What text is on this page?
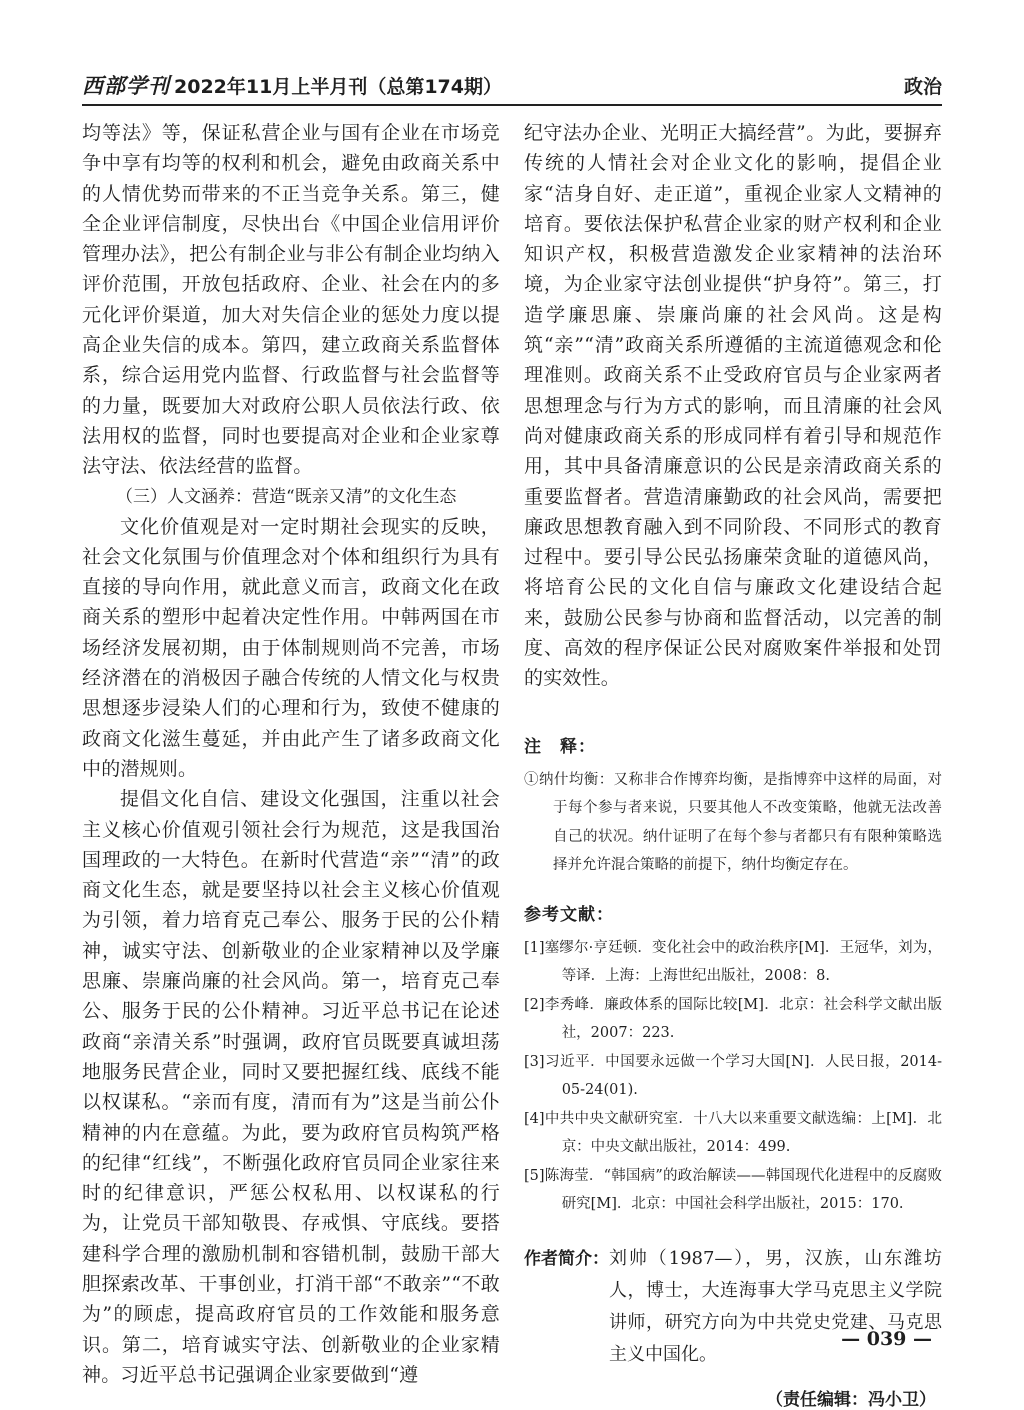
西部学刊 2022年11月上半月刊（总第174期）	政治

均等法》等，保证私营企业与国有企业在市场竞争中享有均等的权利和机会，避免由政商关系中的人情优势而带来的不正当竞争关系。第三，健全企业评信制度，尽快出台《中国企业信用评价管理办法》，把公有制企业与非公有制企业均纳入评价范围，开放包括政府、企业、社会在内的多元化评价渠道，加大对失信企业的惩处力度以提高企业失信的成本。第四，建立政商关系监督体系，综合运用党内监督、行政监督与社会监督等的力量，既要加大对政府公职人员依法行政、依法用权的监督，同时也要提高对企业和企业家尊法守法、依法经营的监督。

（三）人文涵养：营造“既亲又清”的文化生态

文化价值观是对一定时期社会现实的反映，社会文化氛围与价值理念对个体和组织行为具有直接的导向作用，就此意义而言，政商文化在政商关系的塑形中起着决定性作用。中韩两国在市场经济发展初期，由于体制规则尚不完善，市场经济潜在的消极因子融合传统的人情文化与权贵思想逐步浸染人们的心理和行为，致使不健康的政商文化滋生蔓延，并由此产生了诸多政商文化中的潜规则。

提倡文化自信、建设文化强国，注重以社会主义核心价值观引领社会行为规范，这是我国治国理政的一大特色。在新时代营造“亲”“清”的政商文化生态，就是要坚持以社会主义核心价值观为引领，着力培育克己奉公、服务于民的公仆精神，诚实守法、创新敬业的企业家精神以及学廉思廉、崇廉尚廉的社会风尚。第一，培育克己奉公、服务于民的公仆精神。习近平总书记在论述政商“亲清关系”时强调，政府官员既要真诚坦荡地服务民营企业，同时又要把握红线、底线不能以权谋私。“亲而有度，清而有为”这是当前公仆精神的内在意蕴。为此，要为政府官员构筑严格的纪律“红线”，不断强化政府官员同企业家往来时的纪律意识，严惩公权私用、以权谋私的行为，让党员干部知敬畏、存戒惧、守底线。要搭建科学合理的激励机制和容错机制，鼓励干部大胆探索改革、干事创业，打消干部“不敢亲”“不敢为”的顾虑，提高政府官员的工作效能和服务意识。第二，培育诚实守法、创新敬业的企业家精神。习近平总书记强调企业家要做到“遵

纪守法办企业、光明正大搞经营”。为此，要摒弃传统的人情社会对企业文化的影响，提倡企业家“洁身自好、走正道”，重视企业家人文精神的培育。要依法保护私营企业家的财产权利和企业知识产权，积极营造激发企业家精神的法治环境，为企业家守法创业提供“护身符”。第三，打造学廉思廉、崇廉尚廉的社会风尚。这是构筑“亲”“清”政商关系所遵循的主流道德观念和伦理准则。政商关系不止受政府官员与企业家两者思想理念与行为方式的影响，而且清廉的社会风尚对健康政商关系的形成同样有着引导和规范作用，其中具备清廉意识的公民是亲清政商关系的重要监督者。营造清廉勤政的社会风尚，需要把廉政思想教育融入到不同阶段、不同形式的教育过程中。要引导公民弘扬廉荣贪耻的道德风尚，将培育公民的文化自信与廉政文化建设结合起来，鼓励公民参与协商和监督活动，以完善的制度、高效的程序保证公民对腐败案件举报和处罚的实效性。

注　释：

①纳什均衡：又称非合作博弈均衡，是指博弈中这样的局面，对于每个参与者来说，只要其他人不改变策略，他就无法改善自己的状况。纳什证明了在每个参与者都只有有限种策略选择并允许混合策略的前提下，纳什均衡定存在。

参考文献：

[1]塞缪尔·亨廷顿．变化社会中的政治秩序[M]．王冠华，刘为，等译．上海：上海世纪出版社，2008：8.

[2]李秀峰．廉政体系的国际比较[M]．北京：社会科学文献出版社，2007：223.

[3]习近平．中国要永远做一个学习大国[N]．人民日报，2014-05-24(01).

[4]中共中央文献研究室．十八大以来重要文献选编：上[M]．北京：中央文献出版社，2014：499.

[5]陈海莹．“韩国病”的政治解读——韩国现代化进程中的反腐败研究[M]．北京：中国社会科学出版社，2015：170.

作者简介： 刘帅（1987—），男，汉族，山东潍坊人，博士，大连海事大学马克思主义学院讲师，研究方向为中共党史党建、马克思主义中国化。
（责任编辑：冯小卫）
— 039 —
